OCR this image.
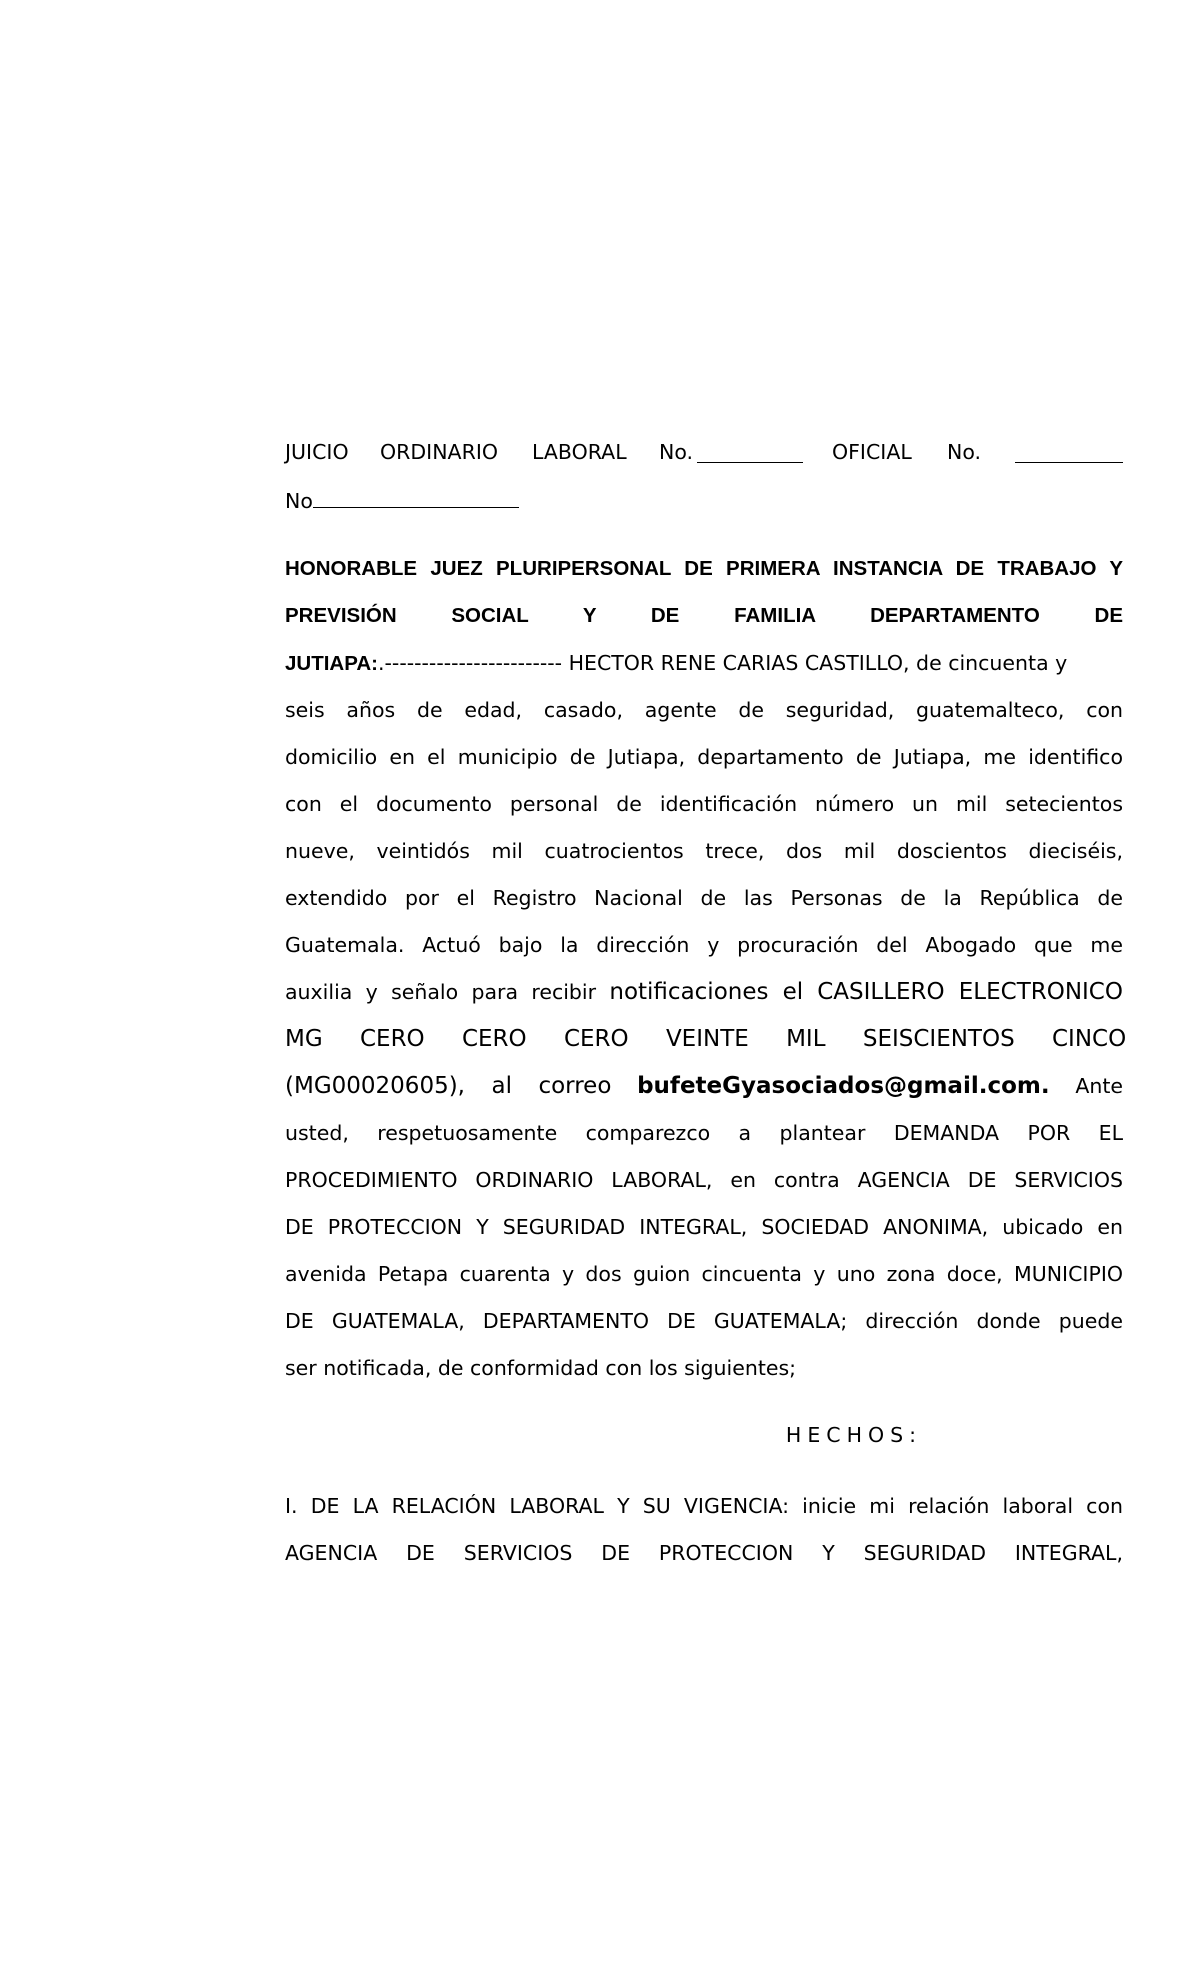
JUICIO ORDINARIO LABORAL No.	OFICIAL No.
No
HONORABLE JUEZ PLURIPERSONAL DE PRIMERA INSTANCIA DE TRABAJO Y
PREVISIÓN SOCIAL Y DE FAMILIA DEPARTAMENTO DE
JUTIAPA:.------------------------ HECTOR RENE CARIAS CASTILLO, de cincuenta y
seis años de edad, casado, agente de seguridad, guatemalteco, con
domicilio en el municipio de Jutiapa, departamento de Jutiapa, me identifico
con el documento personal de identificación número un mil setecientos
nueve, veintidós mil cuatrocientos trece, dos mil doscientos dieciséis,
extendido por el Registro Nacional de las Personas de la República de
Guatemala. Actuó bajo la dirección y procuración del Abogado que me
auxilia y señalo para recibir notificaciones el CASILLERO ELECTRONICO
MG CERO CERO CERO VEINTE MIL SEISCIENTOS CINCO
(MG00020605), al correo bufeteGyasociados@gmail.com. Ante
usted, respetuosamente comparezco a plantear DEMANDA POR EL
PROCEDIMIENTO ORDINARIO LABORAL, en contra AGENCIA DE SERVICIOS
DE PROTECCION Y SEGURIDAD INTEGRAL, SOCIEDAD ANONIMA, ubicado en
avenida Petapa cuarenta y dos guion cincuenta y uno zona doce, MUNICIPIO
DE GUATEMALA, DEPARTAMENTO DE GUATEMALA; dirección donde puede
ser notificada, de conformidad con los siguientes;
HECHOS:
I. DE LA RELACIÓN LABORAL Y SU VIGENCIA: inicie mi relación laboral con
AGENCIA DE SERVICIOS DE PROTECCION Y SEGURIDAD INTEGRAL,
